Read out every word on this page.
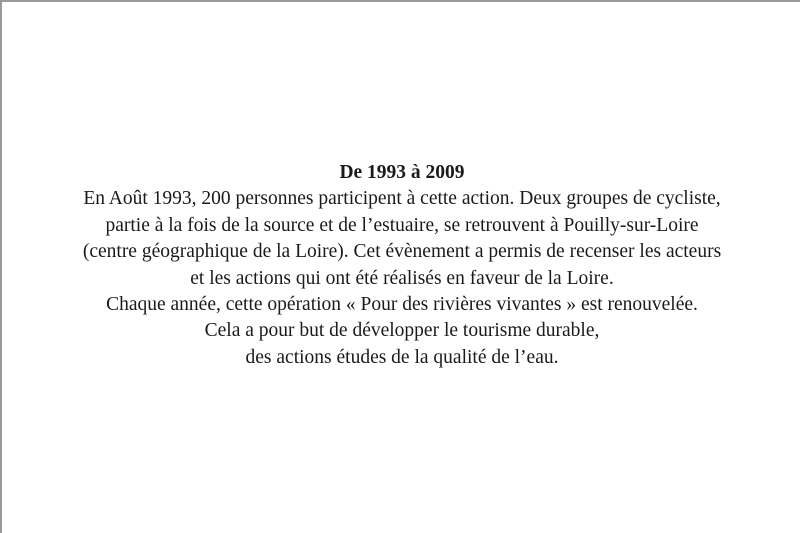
De 1993 à 2009

En Août 1993, 200 personnes participent à cette action. Deux groupes de cycliste,

partie à la fois de la source et de l’estuaire, se retrouvent à Pouilly-sur-Loire

(centre géographique de la Loire). Cet évènement a permis de recenser les acteurs

et les actions qui ont été réalisés en faveur de la Loire.

Chaque année, cette opération « Pour des rivières vivantes » est renouvelée.

Cela a pour but de développer le tourisme durable,

des actions études de la qualité de l’eau.
